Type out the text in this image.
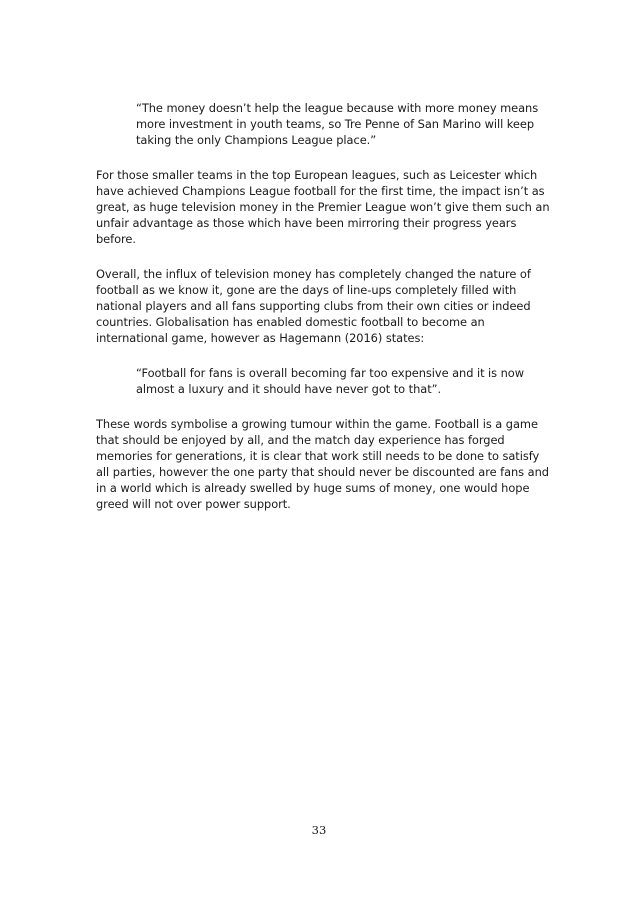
“The money doesn’t help the league because with more money means
more investment in youth teams, so Tre Penne of San Marino will keep
taking the only Champions League place.”
For those smaller teams in the top European leagues, such as Leicester which
have achieved Champions League football for the first time, the impact isn’t as
great, as huge television money in the Premier League won’t give them such an
unfair advantage as those which have been mirroring their progress years
before.
Overall, the influx of television money has completely changed the nature of
football as we know it, gone are the days of line-ups completely filled with
national players and all fans supporting clubs from their own cities or indeed
countries. Globalisation has enabled domestic football to become an
international game, however as Hagemann (2016) states:
“Football for fans is overall becoming far too expensive and it is now
almost a luxury and it should have never got to that”.
These words symbolise a growing tumour within the game. Football is a game
that should be enjoyed by all, and the match day experience has forged
memories for generations, it is clear that work still needs to be done to satisfy
all parties, however the one party that should never be discounted are fans and
in a world which is already swelled by huge sums of money, one would hope
greed will not over power support.
33
